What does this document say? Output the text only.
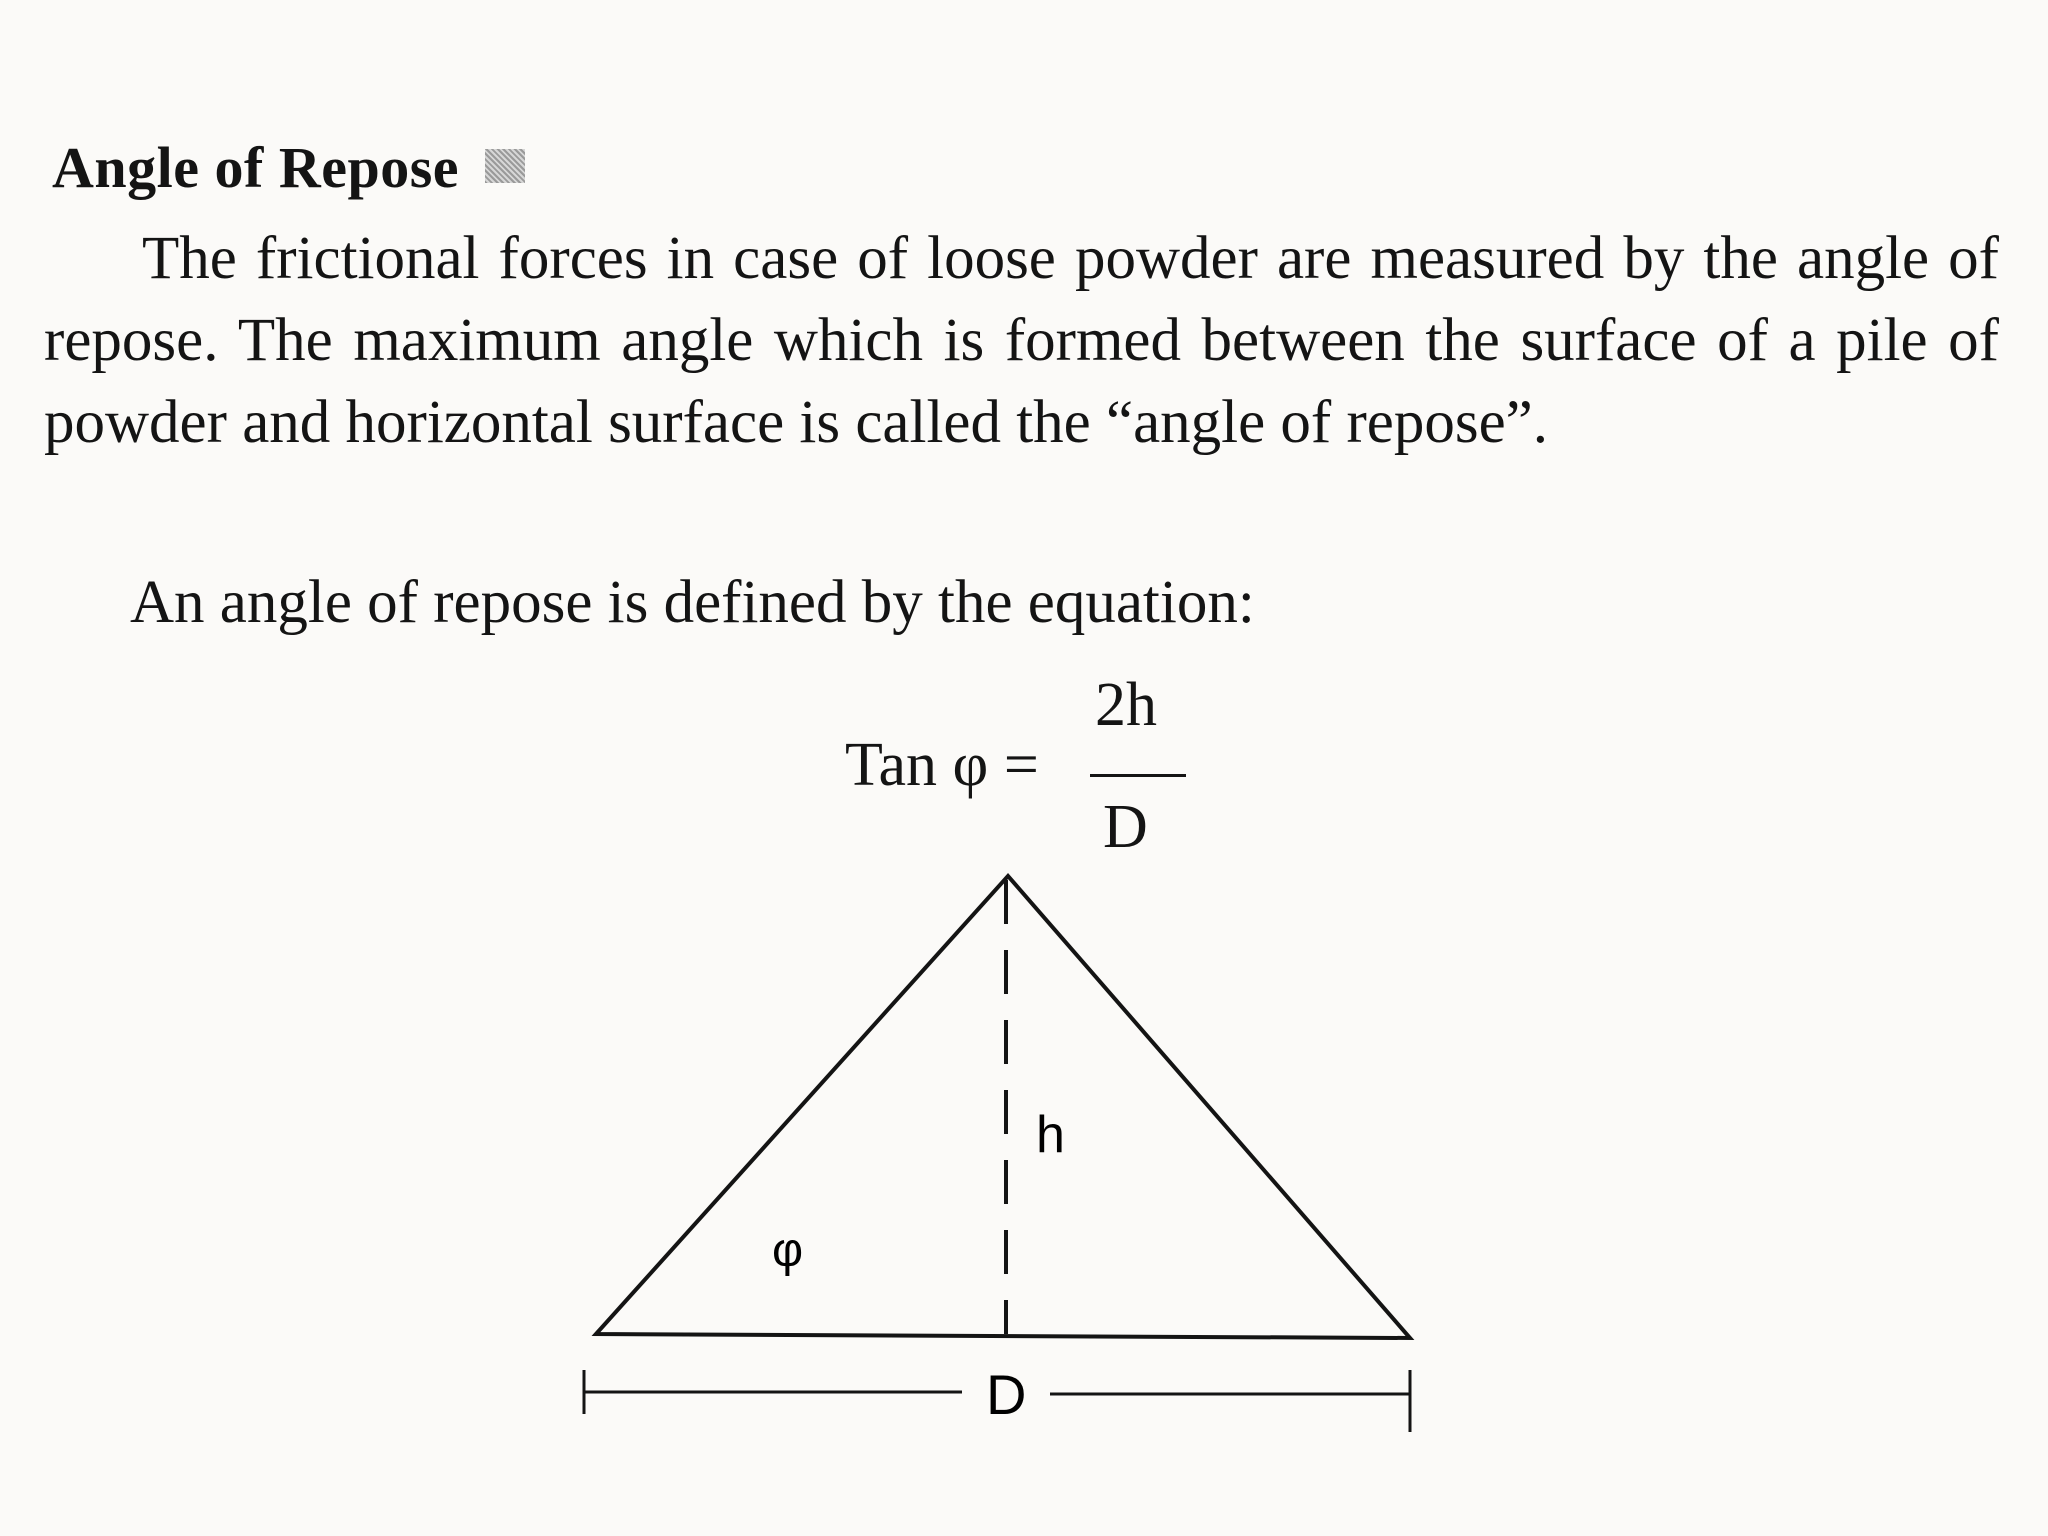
Angle of Repose

The frictional forces in case of loose powder are measured by the angle of repose. The maximum angle which is formed between the surface of a pile of powder and horizontal surface is called the “angle of repose”.

An angle of repose is defined by the equation:

Tan φ =
2h
D
φ
h
D
